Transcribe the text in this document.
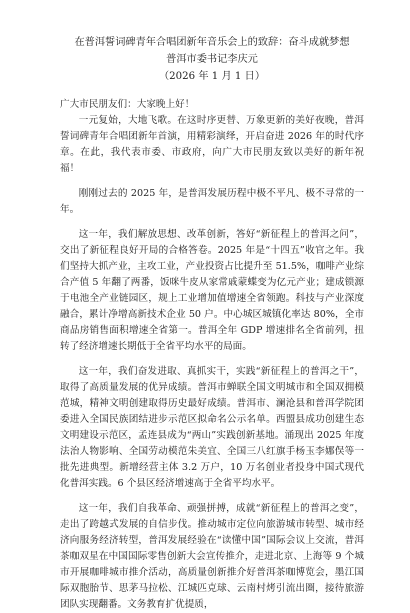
在普洱誓词碑青年合唱团新年音乐会上的致辞：奋斗成就梦想

普洱市委书记李庆元

（2026 年 1 月 1 日）

广大市民朋友们：大家晚上好！

一元复始，大地飞歌。在这时序更替、万象更新的美好夜晚，普洱誓词碑青年合唱团新年首演，用精彩演绎，开启奋进 2026 年的时代序章。在此，我代表市委、市政府，向广大市民朋友致以美好的新年祝福！

刚刚过去的 2025 年，是普洱发展历程中极不平凡、极不寻常的一年。

这一年，我们解放思想、改革创新，答好“新征程上的普洱之问”，交出了新征程良好开局的合格答卷。2025 年是“十四五”收官之年。我们坚持大抓产业，主攻工业，产业投资占比提升至 51.5%，咖啡产业综合产值 5 年翻了两番，饭咪牛皮从家常戚蒙蝶变为亿元产业；建成锁源于电池全产业链园区，规上工业增加值增速全省领跑。科技与产业深度融合，累计净增高新技术企业 50 户。中心城区城镇化率达 80%，全市商品房销售面积增速全省第一。普洱全年 GDP 增速排名全省前列，扭转了经济增速长期低于全省平均水平的局面。

这一年，我们奋发进取、真抓实干，实践“新征程上的普洱之干”，取得了高质量发展的优异成绩。普洱市蝉联全国文明城市和全国双拥模范城，精神文明创建取得历史最好成绩。普洱市、澜沧县和普洱学院团委进入全国民族团结进步示范区拟命名公示名单。西盟县成功创建生态文明建设示范区，孟连县成为“两山”实践创新基地。涌现出 2025 年度法治人物影响、全国劳动模范朱美宜、全国三八红旗手杨玉李娜俣等一批先进典型。新增经营主体 3.2 万户，10 万名创业者投身中国式现代化普洱实践。6 个县区经济增速高于全省平均水平。

这一年，我们自我革命、顽强拼搏，成就“新征程上的普洱之变”，走出了跨越式发展的自信步伐。推动城市定位向旅游城市转型、城市经济向服务经济转型，普洱发展经验在“读懂中国”国际会议上交流，普洱茶咖双星在中国国际零售创新大会宣传推介，走进北京、上海等 9 个城市开展咖啡城市推介活动，高质量创新推介好普洱茶咖博览会，墨江国际双胞胎节、思茅马拉松、江城匹克球、云南村烤引流出圈，接待旅游团队实现翻番。文务教育扩优提质，
